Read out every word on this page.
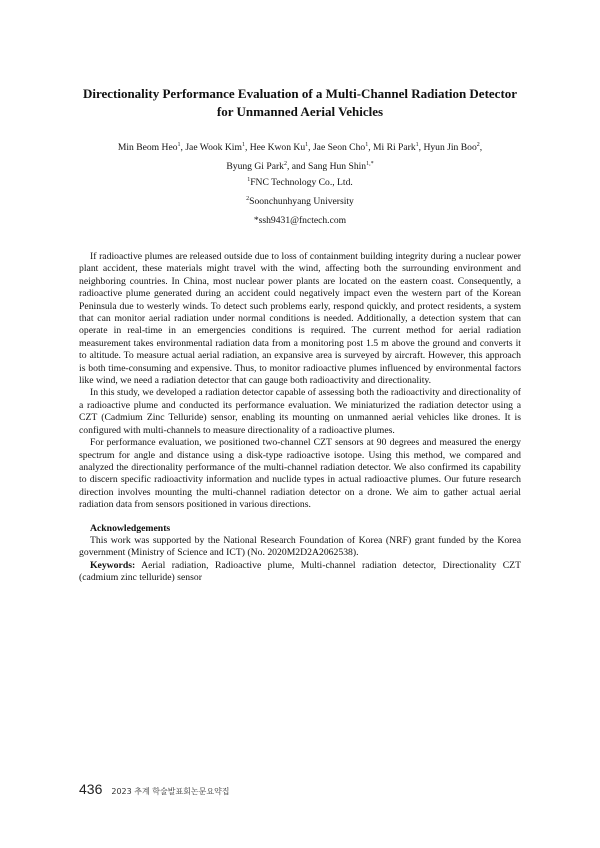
Directionality Performance Evaluation of a Multi-Channel Radiation Detector
for Unmanned Aerial Vehicles
Min Beom Heo$^1$, Jae Wook Kim$^1$, Hee Kwon Ku$^1$, Jae Seon Cho$^1$, Mi Ri Park$^1$, Hyun Jin Boo$^2$,
Byung Gi Park$^2$, and Sang Hun Shin$^{1,*}$
$^1$FNC Technology Co., Ltd.
$^2$Soonchunhyang University
*ssh9431@fnctech.com

If radioactive plumes are released outside due to loss of containment building integrity during a nuclear power plant accident, these materials might travel with the wind, affecting both the surrounding environment and neighboring countries. In China, most nuclear power plants are located on the eastern coast. Consequently, a radioactive plume generated during an accident could negatively impact even the western part of the Korean Peninsula due to westerly winds. To detect such problems early, respond quickly, and protect residents, a system that can monitor aerial radiation under normal conditions is needed. Additionally, a detection system that can operate in real-time in an emergencies conditions is required. The current method for aerial radiation measurement takes environmental radiation data from a monitoring post 1.5 m above the ground and converts it to altitude. To measure actual aerial radiation, an expansive area is surveyed by aircraft. However, this approach is both time-consuming and expensive. Thus, to monitor radioactive plumes influenced by environmental factors like wind, we need a radiation detector that can gauge both radioactivity and directionality.

In this study, we developed a radiation detector capable of assessing both the radioactivity and directionality of a radioactive plume and conducted its performance evaluation. We miniaturized the radiation detector using a CZT (Cadmium Zinc Telluride) sensor, enabling its mounting on unmanned aerial vehicles like drones. It is configured with multi-channels to measure directionality of a radioactive plumes.

For performance evaluation, we positioned two-channel CZT sensors at 90 degrees and measured the energy spectrum for angle and distance using a disk-type radioactive isotope. Using this method, we compared and analyzed the directionality performance of the multi-channel radiation detector. We also confirmed its capability to discern specific radioactivity information and nuclide types in actual radioactive plumes. Our future research direction involves mounting the multi-channel radiation detector on a drone. We aim to gather actual aerial radiation data from sensors positioned in various directions.

Acknowledgements

This work was supported by the National Research Foundation of Korea (NRF) grant funded by the Korea government (Ministry of Science and ICT) (No. 2020M2D2A2062538).

Keywords: Aerial radiation, Radioactive plume, Multi-channel radiation detector, Directionality CZT (cadmium zinc telluride) sensor

436 2023 추계 학술발표회논문요약집
